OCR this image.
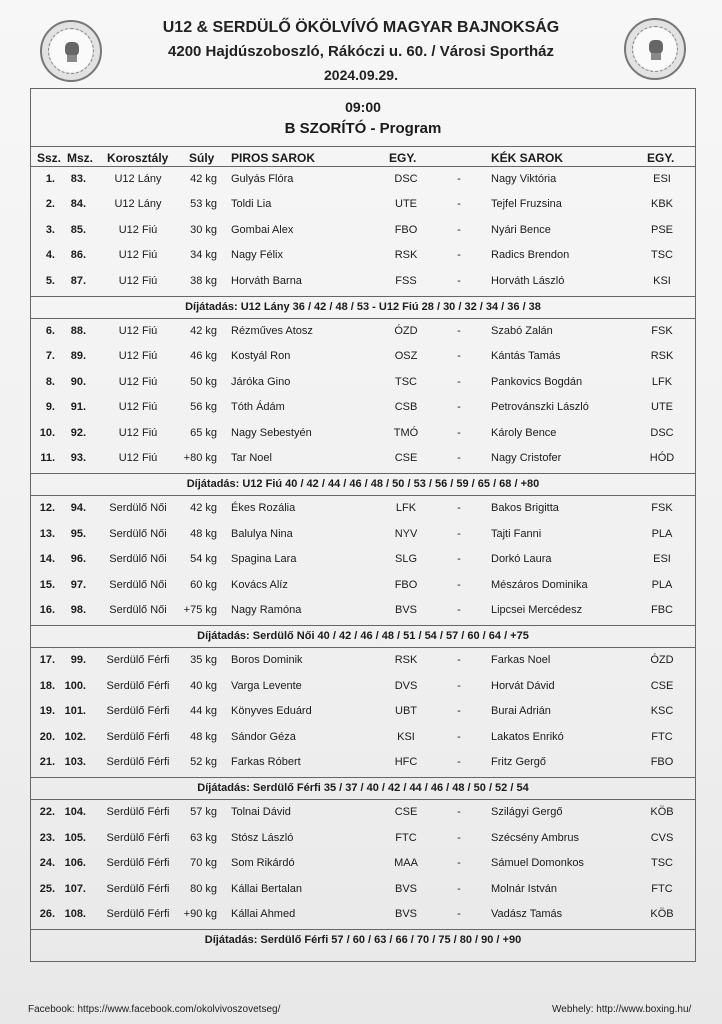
U12 & SERDÜLŐ ÖKÖLVÍVÓ MAGYAR BAJNOKSÁG
4200 Hajdúszoboszló, Rákóczi u. 60. / Városi Sportház
2024.09.29.
09:00
B SZORÍTÓ - Program
Ssz. Msz. Korosztály Súly PIROS SAROK	EGY.	KÉK SAROK	EGY.
1.	83.	U12 Lány	42 kg Gulyás Flóra	DSC	-	Nagy Viktória	ESI
2.	84.	U12 Lány	53 kg Toldi Lia	UTE	-	Tejfel Fruzsina	KBK
3.	85.	U12 Fiú	30 kg Gombai Alex	FBO	-	Nyári Bence	PSE
4.	86.	U12 Fiú	34 kg Nagy Félix	RSK	-	Radics Brendon	TSC
5.	87.	U12 Fiú	38 kg Horváth Barna	FSS	-	Horváth László	KSI
Díjátadás: U12 Lány 36 / 42 / 48 / 53 - U12 Fiú 28 / 30 / 32 / 34 / 36 / 38
6.	88.	U12 Fiú	42 kg Rézműves Atosz	ÓZD	-	Szabó Zalán	FSK
7.	89.	U12 Fiú	46 kg Kostyál Ron	OSZ	-	Kántás Tamás	RSK
8.	90.	U12 Fiú	50 kg Járóka Gino	TSC	-	Pankovics Bogdán	LFK
9.	91.	U12 Fiú	56 kg Tóth Ádám	CSB	-	Petrovánszki László	UTE
10.	92.	U12 Fiú	65 kg Nagy Sebestyén	TMÓ	-	Károly Bence	DSC
11.	93.	U12 Fiú	+80 kg Tar Noel	CSE	-	Nagy Cristofer	HÓD
Díjátadás: U12 Fiú 40 / 42 / 44 / 46 / 48 / 50 / 53 / 56 / 59 / 65 / 68 / +80
12.	94.	Serdülő Női	42 kg Ékes Rozália	LFK	-	Bakos Brigitta	FSK
13.	95.	Serdülő Női	48 kg Balulya Nina	NYV	-	Tajti Fanni	PLA
14.	96.	Serdülő Női	54 kg Spagina Lara	SLG	-	Dorkó Laura	ESI
15.	97.	Serdülő Női	60 kg Kovács Alíz	FBO	-	Mészáros Dominika	PLA
16.	98.	Serdülő Női	+75 kg Nagy Ramóna	BVS	-	Lipcsei Mercédesz	FBC
Díjátadás: Serdülő Női 40 / 42 / 46 / 48 / 51 / 54 / 57 / 60 / 64 / +75
17.	99.	Serdülő Férfi	35 kg Boros Dominik	RSK	-	Farkas Noel	ÓZD
18. 100.	Serdülő Férfi	40 kg Varga Levente	DVS	-	Horvát Dávid	CSE
19. 101.	Serdülő Férfi	44 kg Könyves Eduárd	UBT	-	Burai Adrián	KSC
20. 102.	Serdülő Férfi	48 kg Sándor Géza	KSI	-	Lakatos Enrikó	FTC
21. 103.	Serdülő Férfi	52 kg Farkas Róbert	HFC	-	Fritz Gergő	FBO
Díjátadás: Serdülő Férfi 35 / 37 / 40 / 42 / 44 / 46 / 48 / 50 / 52 / 54
22. 104.	Serdülő Férfi	57 kg Tolnai Dávid	CSE	-	Szilágyi Gergő	KÖB
23. 105.	Serdülő Férfi	63 kg Stósz László	FTC	-	Szécsény Ambrus	CVS
24. 106.	Serdülő Férfi	70 kg Som Rikárdó	MAA	-	Sámuel Domonkos	TSC
25. 107.	Serdülő Férfi	80 kg Kállai Bertalan	BVS	-	Molnár István	FTC
26. 108.	Serdülő Férfi	+90 kg Kállai Ahmed	BVS	-	Vadász Tamás	KÖB
Díjátadás: Serdülő Férfi 57 / 60 / 63 / 66 / 70 / 75 / 80 / 90 / +90
Facebook: https://www.facebook.com/okolvivoszovetseg/	Webhely: http://www.boxing.hu/
